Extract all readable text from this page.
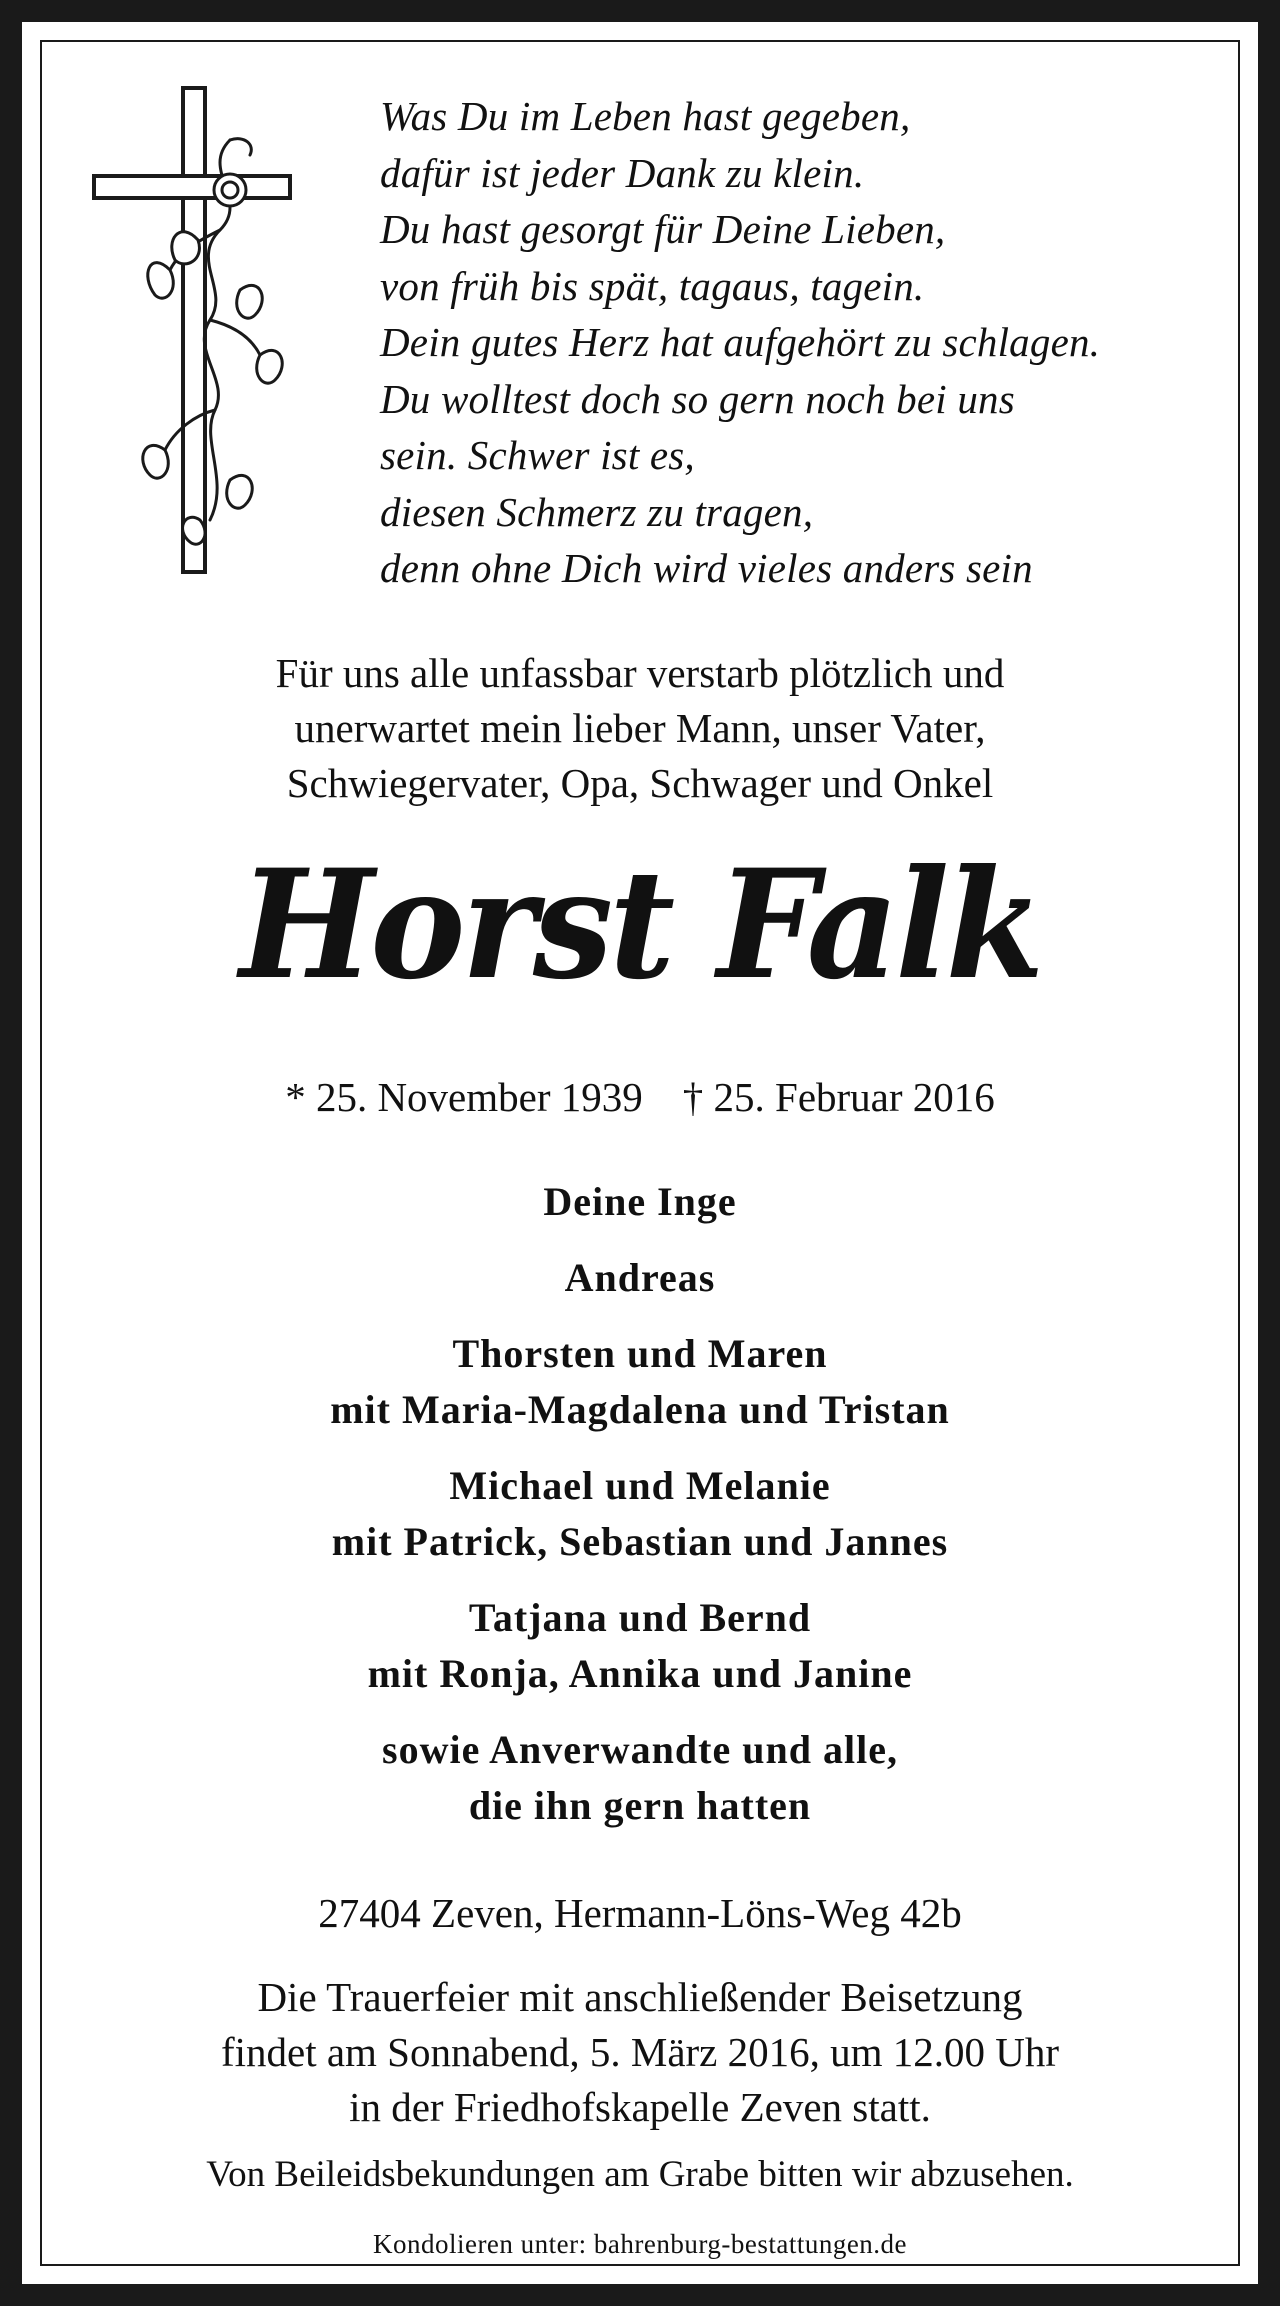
Was Du im Leben hast gegeben,
dafür ist jeder Dank zu klein.
Du hast gesorgt für Deine Lieben,
von früh bis spät, tagaus, tagein.
Dein gutes Herz hat aufgehört zu schlagen.
Du wolltest doch so gern noch bei uns
sein. Schwer ist es,
diesen Schmerz zu tragen,
denn ohne Dich wird vieles anders sein
Für uns alle unfassbar verstarb plötzlich und
unerwartet mein lieber Mann, unser Vater,
Schwiegervater, Opa, Schwager und Onkel
Horst Falk
* 25. November 1939 † 25. Februar 2016
Deine Inge
Andreas
Thorsten und Maren
mit Maria-Magdalena und Tristan
Michael und Melanie
mit Patrick, Sebastian und Jannes
Tatjana und Bernd
mit Ronja, Annika und Janine
sowie Anverwandte und alle,
die ihn gern hatten
27404 Zeven, Hermann-Löns-Weg 42b
Die Trauerfeier mit anschließender Beisetzung
findet am Sonnabend, 5. März 2016, um 12.00 Uhr
in der Friedhofskapelle Zeven statt.
Von Beileidsbekundungen am Grabe bitten wir abzusehen.
Kondolieren unter: bahrenburg-bestattungen.de
